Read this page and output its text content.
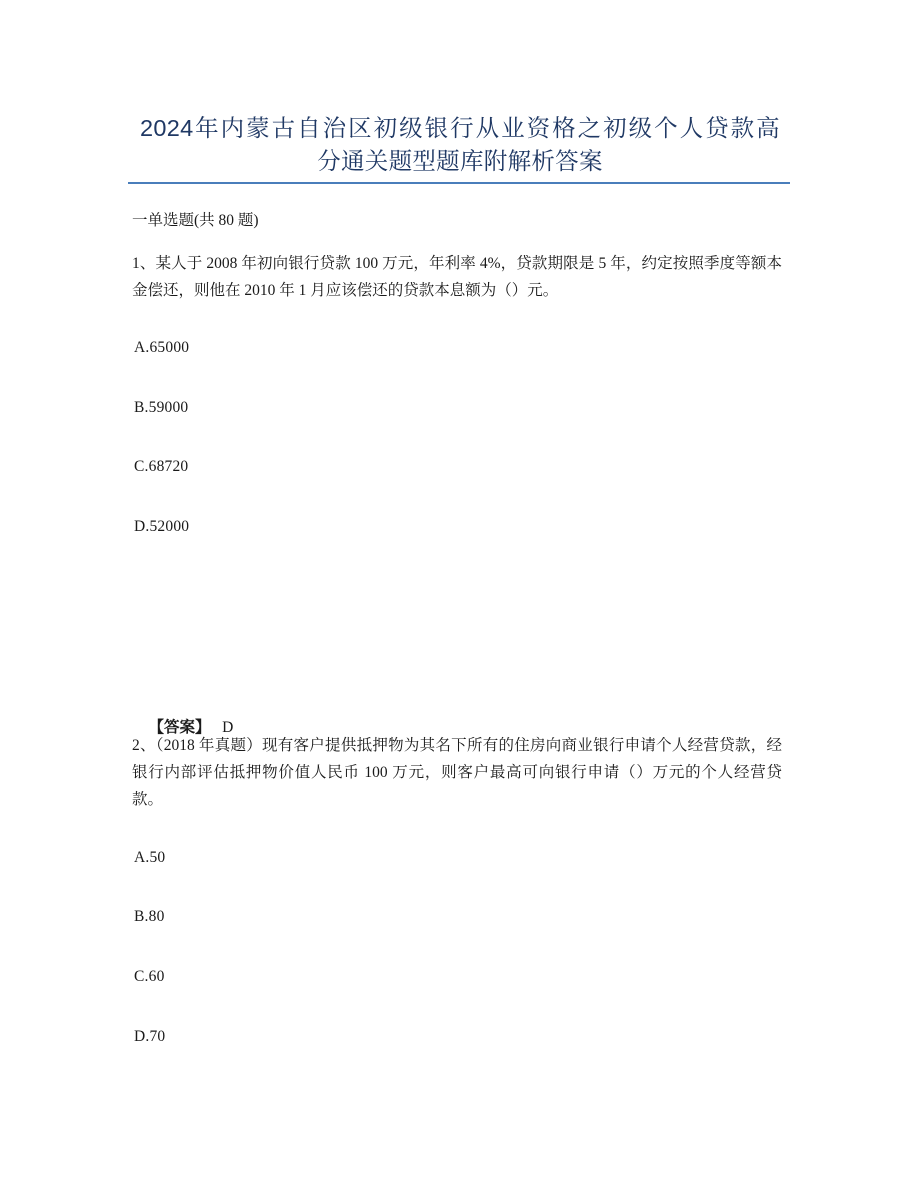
2024年内蒙古自治区初级银行从业资格之初级个人贷款高
分通关题型题库附解析答案
一单选题(共 80 题)
1、某人于 2008 年初向银行贷款 100 万元，年利率 4%，贷款期限是 5 年，约定按照季度等额本金偿还，则他在 2010 年 1 月应该偿还的贷款本息额为（）元。
A.65000
B.59000
C.68720
D.52000

【答案】 D

2、（2018 年真题）现有客户提供抵押物为其名下所有的住房向商业银行申请个人经营贷款，经银行内部评估抵押物价值人民币 100 万元，则客户最高可向银行申请（）万元的个人经营贷款。
A.50
B.80
C.60
D.70
